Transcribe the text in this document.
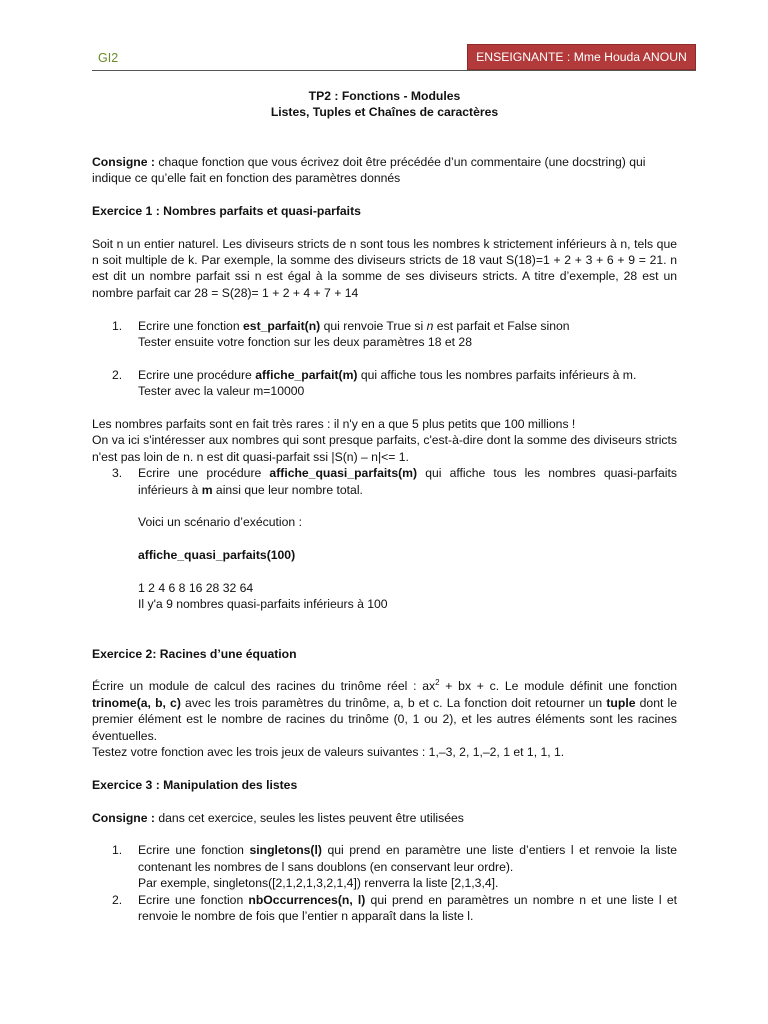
GI2	ENSEIGNANTE : Mme Houda ANOUN

TP2 : Fonctions - Modules

Listes, Tuples et Chaînes de caractères

Consigne : chaque fonction que vous écrivez doit être précédée d’un commentaire (une docstring) qui indique ce qu’elle fait en fonction des paramètres donnés

Exercice 1 : Nombres parfaits et quasi-parfaits

Soit n un entier naturel. Les diviseurs stricts de n sont tous les nombres k strictement inférieurs à n, tels que n soit multiple de k. Par exemple, la somme des diviseurs stricts de 18 vaut S(18)=1 + 2 + 3 + 6 + 9 = 21. n est dit un nombre parfait ssi n est égal à la somme de ses diviseurs stricts. A titre d’exemple, 28 est un nombre parfait car 28 = S(28)= 1 + 2 + 4 + 7 + 14

1. Ecrire une fonction est_parfait(n) qui renvoie True si n est parfait et False sinon
Tester ensuite votre fonction sur les deux paramètres 18 et 28
2. Ecrire une procédure affiche_parfait(m) qui affiche tous les nombres parfaits inférieurs à m.
Tester avec la valeur m=10000

Les nombres parfaits sont en fait très rares : il n'y en a que 5 plus petits que 100 millions !

On va ici s'intéresser aux nombres qui sont presque parfaits, c'est-à-dire dont la somme des diviseurs stricts n'est pas loin de n. n est dit quasi-parfait ssi |S(n) – n|<= 1.

3. Ecrire une procédure affiche_quasi_parfaits(m) qui affiche tous les nombres quasi-parfaits inférieurs à m ainsi que leur nombre total.

Voici un scénario d’exécution :

affiche_quasi_parfaits(100)

1 2 4 6 8 16 28 32 64

Il y'a 9 nombres quasi-parfaits inférieurs à 100

Exercice 2: Racines d’une équation

Écrire un module de calcul des racines du trinôme réel : $ax^2$ + bx + c. Le module définit une fonction trinome(a, b, c) avec les trois paramètres du trinôme, a, b et c. La fonction doit retourner un tuple dont le premier élément est le nombre de racines du trinôme (0, 1 ou 2), et les autres éléments sont les racines éventuelles.

Testez votre fonction avec les trois jeux de valeurs suivantes : 1,–3, 2, 1,–2, 1 et 1, 1, 1.

Exercice 3 : Manipulation des listes

Consigne : dans cet exercice, seules les listes peuvent être utilisées

1. Ecrire une fonction singletons(l) qui prend en paramètre une liste d’entiers l et renvoie la liste contenant les nombres de l sans doublons (en conservant leur ordre).
Par exemple, singletons([2,1,2,1,3,2,1,4]) renverra la liste [2,1,3,4].
2. Ecrire une fonction nbOccurrences(n, l) qui prend en paramètres un nombre n et une liste l et renvoie le nombre de fois que l’entier n apparaît dans la liste l.
